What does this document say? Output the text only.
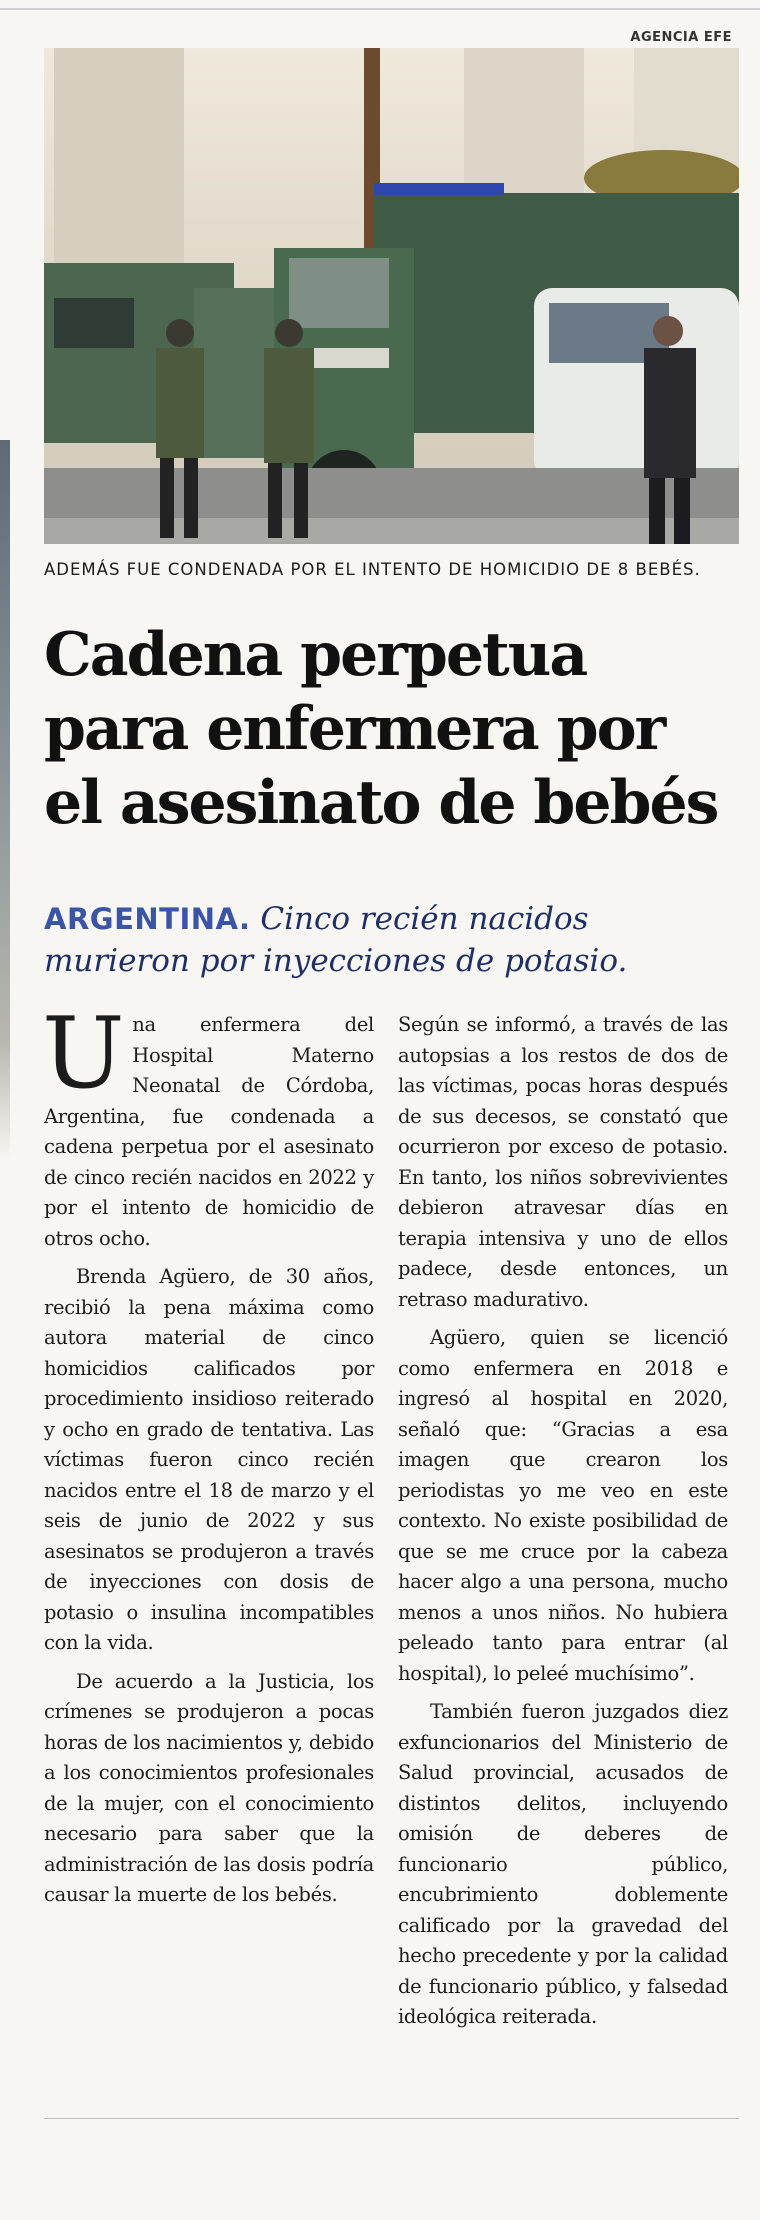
AGENCIA EFE
ADEMÁS FUE CONDENADA POR EL INTENTO DE HOMICIDIO DE 8 BEBÉS.
Cadena perpetua
para enfermera por
el asesinato de bebés
ARGENTINA. Cinco recién nacidos murieron por inyecciones de potasio.

Una enfermera del Hospital Materno Neonatal de Córdoba, Argentina, fue condenada a cadena perpetua por el asesinato de cinco recién nacidos en 2022 y por el intento de homicidio de otros ocho.

Brenda Agüero, de 30 años, recibió la pena máxima como autora material de cinco homicidios calificados por procedimiento insidioso reiterado y ocho en grado de tentativa. Las víctimas fueron cinco recién nacidos entre el 18 de marzo y el seis de junio de 2022 y sus asesinatos se produjeron a través de inyecciones con dosis de potasio o insulina incompatibles con la vida.

De acuerdo a la Justicia, los crímenes se produjeron a pocas horas de los nacimientos y, debido a los conocimientos profesionales de la mujer, con el conocimiento necesario para saber que la administración de las dosis podría causar la muerte de los bebés.

Según se informó, a través de las autopsias a los restos de dos de las víctimas, pocas horas después de sus decesos, se constató que ocurrieron por exceso de potasio. En tanto, los niños sobrevivientes debieron atravesar días en terapia intensiva y uno de ellos padece, desde entonces, un retraso madurativo.

Agüero, quien se licenció como enfermera en 2018 e ingresó al hospital en 2020, señaló que: “Gracias a esa imagen que crearon los periodistas yo me veo en este contexto. No existe posibilidad de que se me cruce por la cabeza hacer algo a una persona, mucho menos a unos niños. No hubiera peleado tanto para entrar (al hospital), lo peleé muchísimo”.

También fueron juzgados diez exfuncionarios del Ministerio de Salud provincial, acusados de distintos delitos, incluyendo omisión de deberes de funcionario público, encubrimiento doblemente calificado por la gravedad del hecho precedente y por la calidad de funcionario público, y falsedad ideológica reiterada.
